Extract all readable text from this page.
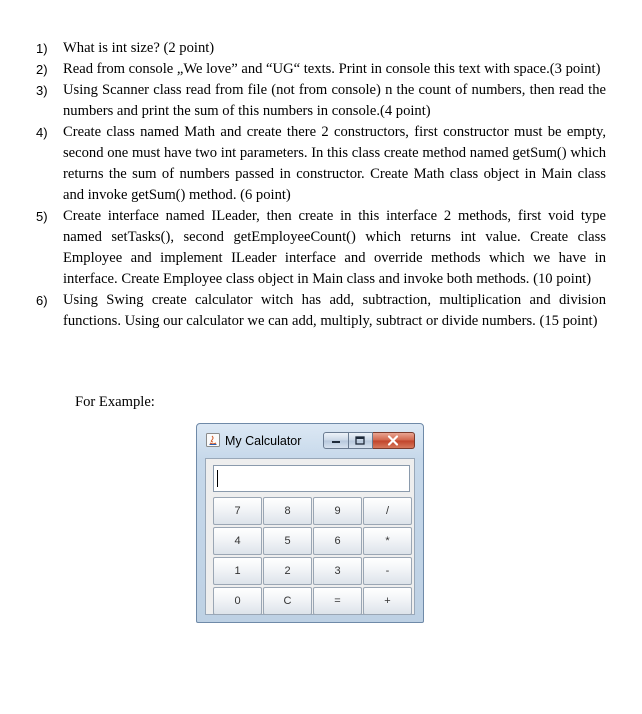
1) What is int size? (2 point)
2) Read from console „We love” and “UG“ texts. Print in console this text with space.(3 point)
3) Using Scanner class read from file (not from console) n the count of numbers, then read the numbers and print the sum of this numbers in console.(4 point)
4) Create class named Math and create there 2 constructors, first constructor must be empty, second one must have two int parameters. In this class create method named getSum() which returns the sum of numbers passed in constructor. Create Math class object in Main class and invoke getSum() method. (6 point)
5) Create interface named ILeader, then create in this interface 2 methods, first void type named setTasks(), second getEmployeeCount() which returns int value. Create class Employee and implement ILeader interface and override methods which we have in interface. Create Employee class object in Main class and invoke both methods. (10 point)
6) Using Swing create calculator witch has add, subtraction, multiplication and division functions. Using our calculator we can add, multiply, subtract or divide numbers. (15 point)
For Example:
My Calculator
7	8	9	/
4	5	6	*
1	2	3	-
0	C	=	+
